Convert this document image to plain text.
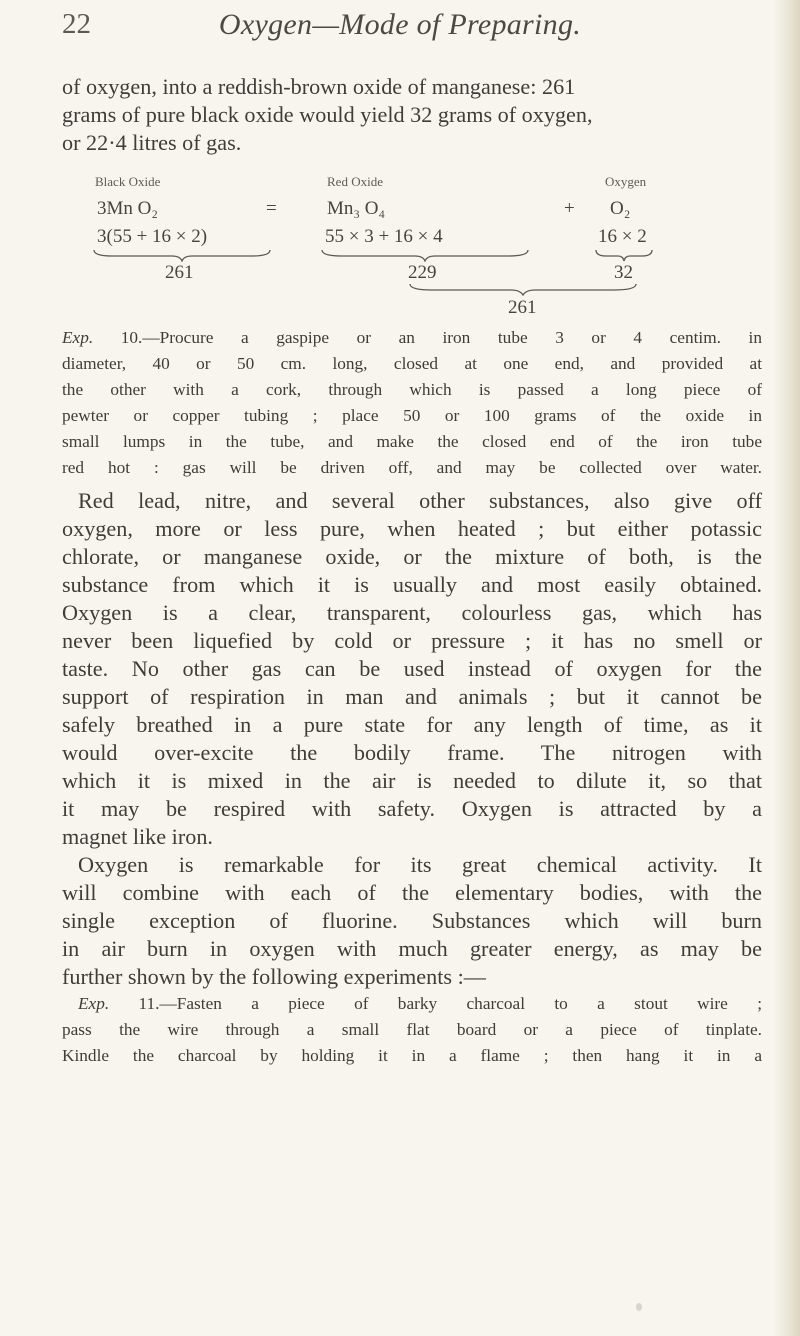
22	Oxygen—Mode of Preparing.
of oxygen, into a reddish-brown oxide of manganese: 261
grams of pure black oxide would yield 32 grams of oxygen,
or 22·4 litres of gas.
Black Oxide	Red Oxide	Oxygen
3Mn O₂	=	Mn₃ O₄	+ O₂
3(55 + 16 × 2)	55 × 3 + 16 × 4	16 × 2
261	229	32
261
Exp. 10.—Procure a gaspipe or an iron tube 3 or 4 centim. in
diameter, 40 or 50 cm. long, closed at one end, and provided at
the other with a cork, through which is passed a long piece of
pewter or copper tubing ; place 50 or 100 grams of the oxide in
small lumps in the tube, and make the closed end of the iron tube
red hot : gas will be driven off, and may be collected over water.
Red lead, nitre, and several other substances, also give off
oxygen, more or less pure, when heated ; but either potassic
chlorate, or manganese oxide, or the mixture of both, is the
substance from which it is usually and most easily obtained.
Oxygen is a clear, transparent, colourless gas, which has
never been liquefied by cold or pressure ; it has no smell or
taste. No other gas can be used instead of oxygen for the
support of respiration in man and animals ; but it cannot be
safely breathed in a pure state for any length of time, as it
would over-excite the bodily frame. The nitrogen with
which it is mixed in the air is needed to dilute it, so that
it may be respired with safety. Oxygen is attracted by a
magnet like iron.
Oxygen is remarkable for its great chemical activity. It
will combine with each of the elementary bodies, with the
single exception of fluorine. Substances which will burn
in air burn in oxygen with much greater energy, as may be
further shown by the following experiments :—
Exp. 11.—Fasten a piece of barky charcoal to a stout wire ;
pass the wire through a small flat board or a piece of tinplate.
Kindle the charcoal by holding it in a flame ; then hang it in a
